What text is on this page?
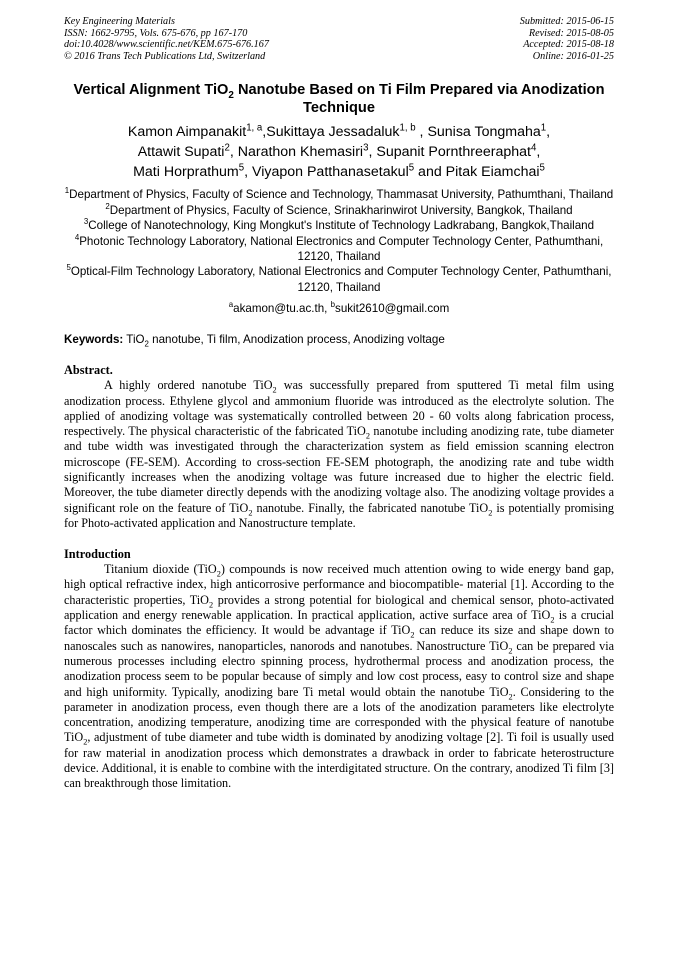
Key Engineering Materials
ISSN: 1662-9795, Vols. 675-676, pp 167-170
doi:10.4028/www.scientific.net/KEM.675-676.167
© 2016 Trans Tech Publications Ltd, Switzerland
Submitted: 2015-06-15
Revised: 2015-08-05
Accepted: 2015-08-18
Online: 2016-01-25
Vertical Alignment TiO$_2$ Nanotube Based on Ti Film Prepared via Anodization Technique
Kamon Aimpanakit$^{1, a}$,Sukittaya Jessadaluk$^{1, b}$ , Sunisa Tongmaha$^1$,
Attawit Supati$^2$, Narathon Khemasiri$^3$, Supanit Pornthreeraphat$^4$,
Mati Horprathum$^5$, Viyapon Patthanasetakul$^5$ and Pitak Eiamchai$^5$
$^1$Department of Physics, Faculty of Science and Technology, Thammasat University, Pathumthani, Thailand
$^2$Department of Physics, Faculty of Science, Srinakharinwirot University, Bangkok, Thailand
$^3$College of Nanotechnology, King Mongkut's Institute of Technology Ladkrabang, Bangkok,Thailand
$^4$Photonic Technology Laboratory, National Electronics and Computer Technology Center, Pathumthani, 12120, Thailand
$^5$Optical-Film Technology Laboratory, National Electronics and Computer Technology Center, Pathumthani, 12120, Thailand
$^a$akamon@tu.ac.th, $^b$sukit2610@gmail.com
Keywords: TiO$_2$ nanotube, Ti film, Anodization process, Anodizing voltage
Abstract.
A highly ordered nanotube TiO$_2$ was successfully prepared from sputtered Ti metal film using anodization process. Ethylene glycol and ammonium fluoride was introduced as the electrolyte solution. The applied of anodizing voltage was systematically controlled between 20 - 60 volts along fabrication process, respectively. The physical characteristic of the fabricated TiO$_2$ nanotube including anodizing rate, tube diameter and tube width was investigated through the characterization system as field emission scanning electron microscope (FE-SEM). According to cross-section FE-SEM photograph, the anodizing rate and tube width significantly increases when the anodizing voltage was future increased due to higher the electric field. Moreover, the tube diameter directly depends with the anodizing voltage also. The anodizing voltage provides a significant role on the feature of TiO$_2$ nanotube. Finally, the fabricated nanotube TiO$_2$ is potentially promising for Photo-activated application and Nanostructure template.
Introduction
Titanium dioxide (TiO$_2$) compounds is now received much attention owing to wide energy band gap, high optical refractive index, high anticorrosive performance and biocompatible- material [1]. According to the characteristic properties, TiO$_2$ provides a strong potential for biological and chemical sensor, photo-activated application and energy renewable application. In practical application, active surface area of TiO$_2$ is a crucial factor which dominates the efficiency. It would be advantage if TiO$_2$ can reduce its size and shape down to nanoscales such as nanowires, nanoparticles, nanorods and nanotubes. Nanostructure TiO$_2$ can be prepared via numerous processes including electro spinning process, hydrothermal process and anodization process, the anodization process seem to be popular because of simply and low cost process, easy to control size and shape and high uniformity. Typically, anodizing bare Ti metal would obtain the nanotube TiO$_2$. Considering to the parameter in anodization process, even though there are a lots of the anodization parameters like electrolyte concentration, anodizing temperature, anodizing time are corresponded with the physical feature of nanotube TiO$_2$, adjustment of tube diameter and tube width is dominated by anodizing voltage [2]. Ti foil is usually used for raw material in anodization process which demonstrates a drawback in order to fabricate heterostructure device. Additional, it is enable to combine with the interdigitated structure. On the contrary, anodized Ti film [3] can breakthrough those limitation.
